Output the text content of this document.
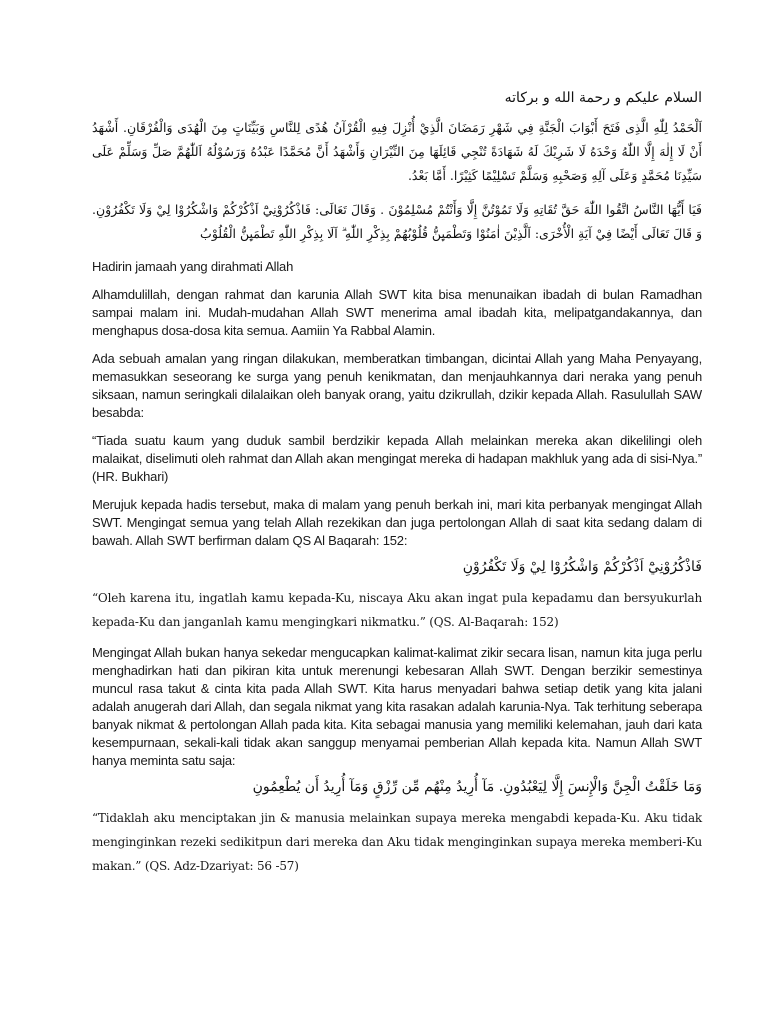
السلام عليكم و رحمة الله و بركاته
اَلْحَمْدُ لِلّٰهِ الَّذِى فَتَحَ أَبْوَابَ الْجَنَّةِ فِي شَهْرِ رَمَضَانَ الَّذِيْ أُنْزِلَ فِيهِ الْقُرْآنُ هُدًى لِلنَّاسِ وَبَيِّنَاتٍ مِنَ الْهُدَى وَالْفُرْقَانِ. أَشْهَدُ أَنْ لَا إِلٰهَ إِلَّا اللّٰهُ وَحْدَهُ لَا شَرِيْكَ لَهُ شَهَادَةً تُنْجِي قَائِلَهَا مِنَ النِّيْرَانِ وَأَشْهَدُ أَنَّ مُحَمَّدًا عَبْدُهُ وَرَسُوْلُهُ اَللّٰهُمَّ صَلِّ وَسَلِّمْ عَلَى سَيِّدِنَا مُحَمَّدٍ وَعَلَى آلِهِ وَصَحْبِهِ وَسَلَّمْ تَسْلِيْمًا كَثِيْرًا. أَمَّا بَعْدُ.
فَيَا أَيُّهَا النَّاسُ اتَّقُوا اللّٰهَ حَقَّ تُقَاتِهِ وَلَا تَمُوْتُنَّ إِلَّا وَأَنْتُمْ مُسْلِمُوْنَ . وَقَالَ تَعَالَى: فَاذْكُرُوْنِيْٓ اَذْكُرْكُمْ وَاشْكُرُوْا لِيْ وَلَا تَكْفُرُوْنِ. وَ قَالَ تَعَالَى أَيْضًا فِيْ آيَةِ الْأُخْرَى: اَلَّذِيْنَ اٰمَنُوْا وَتَطْمَىِٕنُّ قُلُوْبُهُمْ بِذِكْرِ اللّٰهِ ۗ اَلَا بِذِكْرِ اللّٰهِ تَطْمَىِٕنُّ الْقُلُوْبُ
Hadirin jamaah yang dirahmati Allah
Alhamdulillah, dengan rahmat dan karunia Allah SWT kita bisa menunaikan ibadah di bulan Ramadhan sampai malam ini. Mudah-mudahan Allah SWT menerima amal ibadah kita, melipatgandakannya, dan menghapus dosa-dosa kita semua. Aamiin Ya Rabbal Alamin.
Ada sebuah amalan yang ringan dilakukan, memberatkan timbangan, dicintai Allah yang Maha Penyayang, memasukkan seseorang ke surga yang penuh kenikmatan, dan menjauhkannya dari neraka yang penuh siksaan, namun seringkali dilalaikan oleh banyak orang, yaitu dzikrullah, dzikir kepada Allah. Rasulullah SAW besabda:
“Tiada suatu kaum yang duduk sambil berdzikir kepada Allah melainkan mereka akan dikelilingi oleh malaikat, diselimuti oleh rahmat dan Allah akan mengingat mereka di hadapan makhluk yang ada di sisi-Nya.” (HR. Bukhari)
Merujuk kepada hadis tersebut, maka di malam yang penuh berkah ini, mari kita perbanyak mengingat Allah SWT. Mengingat semua yang telah Allah rezekikan dan juga pertolongan Allah di saat kita sedang dalam di bawah. Allah SWT berfirman dalam QS Al Baqarah: 152:
فَاذْكُرُوْنِيْٓ اَذْكُرْكُمْ وَاشْكُرُوْا لِيْ وَلَا تَكْفُرُوْنِ
“Oleh karena itu, ingatlah kamu kepada-Ku, niscaya Aku akan ingat pula kepadamu dan bersyukurlah kepada-Ku dan janganlah kamu mengingkari nikmatku.” (QS. Al-Baqarah: 152)
Mengingat Allah bukan hanya sekedar mengucapkan kalimat-kalimat zikir secara lisan, namun kita juga perlu menghadirkan hati dan pikiran kita untuk merenungi kebesaran Allah SWT. Dengan berzikir semestinya muncul rasa takut & cinta kita pada Allah SWT. Kita harus menyadari bahwa setiap detik yang kita jalani adalah anugerah dari Allah, dan segala nikmat yang kita rasakan adalah karunia-Nya. Tak terhitung seberapa banyak nikmat & pertolongan Allah pada kita. Kita sebagai manusia yang memiliki kelemahan, jauh dari kata kesempurnaan, sekali-kali tidak akan sanggup menyamai pemberian Allah kepada kita. Namun Allah SWT hanya meminta satu saja:
وَمَا خَلَقْتُ الْجِنَّ وَالْإِنسَ إِلَّا لِيَعْبُدُونِ. مَآ أُرِيدُ مِنْهُم مِّن رِّزْقٍ وَمَآ أُرِيدُ أَن يُطْعِمُونِ
“Tidaklah aku menciptakan jin & manusia melainkan supaya mereka mengabdi kepada-Ku. Aku tidak menginginkan rezeki sedikitpun dari mereka dan Aku tidak menginginkan supaya mereka memberi-Ku makan.” (QS. Adz-Dzariyat: 56 -57)
